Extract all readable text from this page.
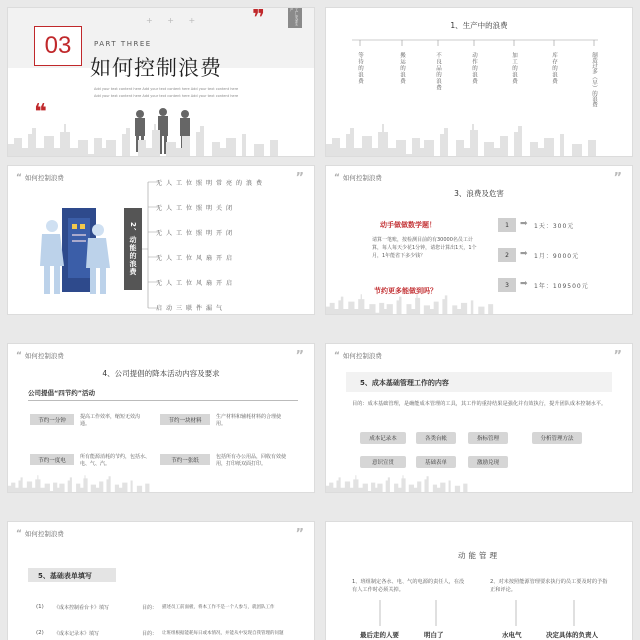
+ + + ❞	工厂安全生产
03	PART THREE
如何控制浪费
Add your text content here Add your text content here Add your text content here
Add your text content here Add your text content here Add your text content here
❝
1、生产中的浪费
等待的浪费	搬运的浪费	不良品的浪费	动作的浪费	加工的浪费	库存的浪费	制造过多（早）的浪费
“ 如何控制浪费	”
2、动能的浪费
无人工位照明常亮的浪费
无人工位照明关闭
无人工位照明开闭
无人工位风扇开启
无人工位风扇开启
启动三联件漏气
“ 如何控制浪费	”
3、浪费及危害
动手做做数学题！
请算一笔账，按检测目前的有30000名员工计算，每人每天少花1分钟，请您计算出1天，1个月，1年能省下多少钱？
节约更多能做到吗？
1	➡ 1天：300元
2	➡ 1月：9000元
3	➡ 1年：109500元
“ 如何控制浪费	”
4、公司提倡的降本活动内容及要求
公司提倡“四节约”活动
节约一分钟
提高工作效率，缩短无效沟通。
节约一块材料
生产材料和辅耗材料的合理使用。
节约一度电
所有能源消耗的节约，包括水、电、气、汽。
节约一张纸
包括所有办公用品，回收有效使用，打印纸双面打印。
“ 如何控制浪费	”
5、成本基础管理工作的内容
目的：成本基础管理，是确能成本管理的工具，其工作的重持结果是强化并有效执行，提升团队成本控制水平。
成本记录本	各类台帐	指标管理	分析管理方法
意识宣贯	基础表单	激励兑现
“ 如何控制浪费	”
5、基础表单填写
(1) 《成本控制看台卡》填写	目的： 描述员工前面板，将本工作不是一个人参与，就团队工作
(2) 《成本记录本》填写	目的： 让班组根据能耗每日或本情况，并能从中发现自我管理的问题
动能管理
1、班组制定各水、电、气的电源的责任人，在没有人工作时必须关掉。
2、对未按照能源管理要求执行的员工要及时的予指正和评论。
最后走的人要	明白了	水电气	决定具体的负责人
